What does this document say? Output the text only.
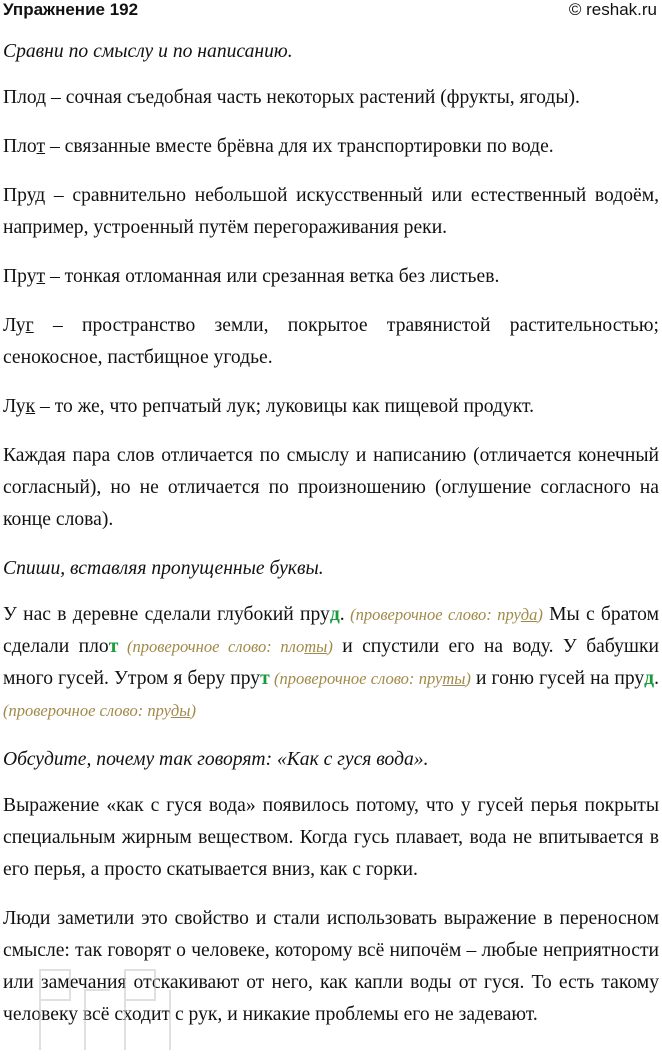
Упражнение 192	© reshak.ru

Сравни по смыслу и по написанию.

Плод – сочная съедобная часть некоторых растений (фрукты, ягоды).

Плот – связанные вместе брёвна для их транспортировки по воде.

Пруд – сравнительно небольшой искусственный или естественный водоём, например, устроенный путём перегораживания реки.

Прут – тонкая отломанная или срезанная ветка без листьев.

Луг – пространство земли, покрытое травянистой растительностью; сенокосное, пастбищное угодье.

Лук – то же, что репчатый лук; луковицы как пищевой продукт.

Каждая пара слов отличается по смыслу и написанию (отличается конечный согласный), но не отличается по произношению (оглушение согласного на конце слова).

Спиши, вставляя пропущенные буквы.

У нас в деревне сделали глубокий пруд. (проверочное слово: пруда) Мы с братом сделали плот (проверочное слово: плоты) и спустили его на воду. У бабушки много гусей. Утром я беру прут (проверочное слово: пруты) и гоню гусей на пруд. (проверочное слово: пруды)

Обсудите, почему так говорят: «Как с гуся вода».

Выражение «как с гуся вода» появилось потому, что у гусей перья покрыты специальным жирным веществом. Когда гусь плавает, вода не впитывается в его перья, а просто скатывается вниз, как с горки.

Люди заметили это свойство и стали использовать выражение в переносном смысле: так говорят о человеке, которому всё нипочём – любые неприятности или замечания отскакивают от него, как капли воды от гуся. То есть такому человеку всё сходит с рук, и никакие проблемы его не задевают.
